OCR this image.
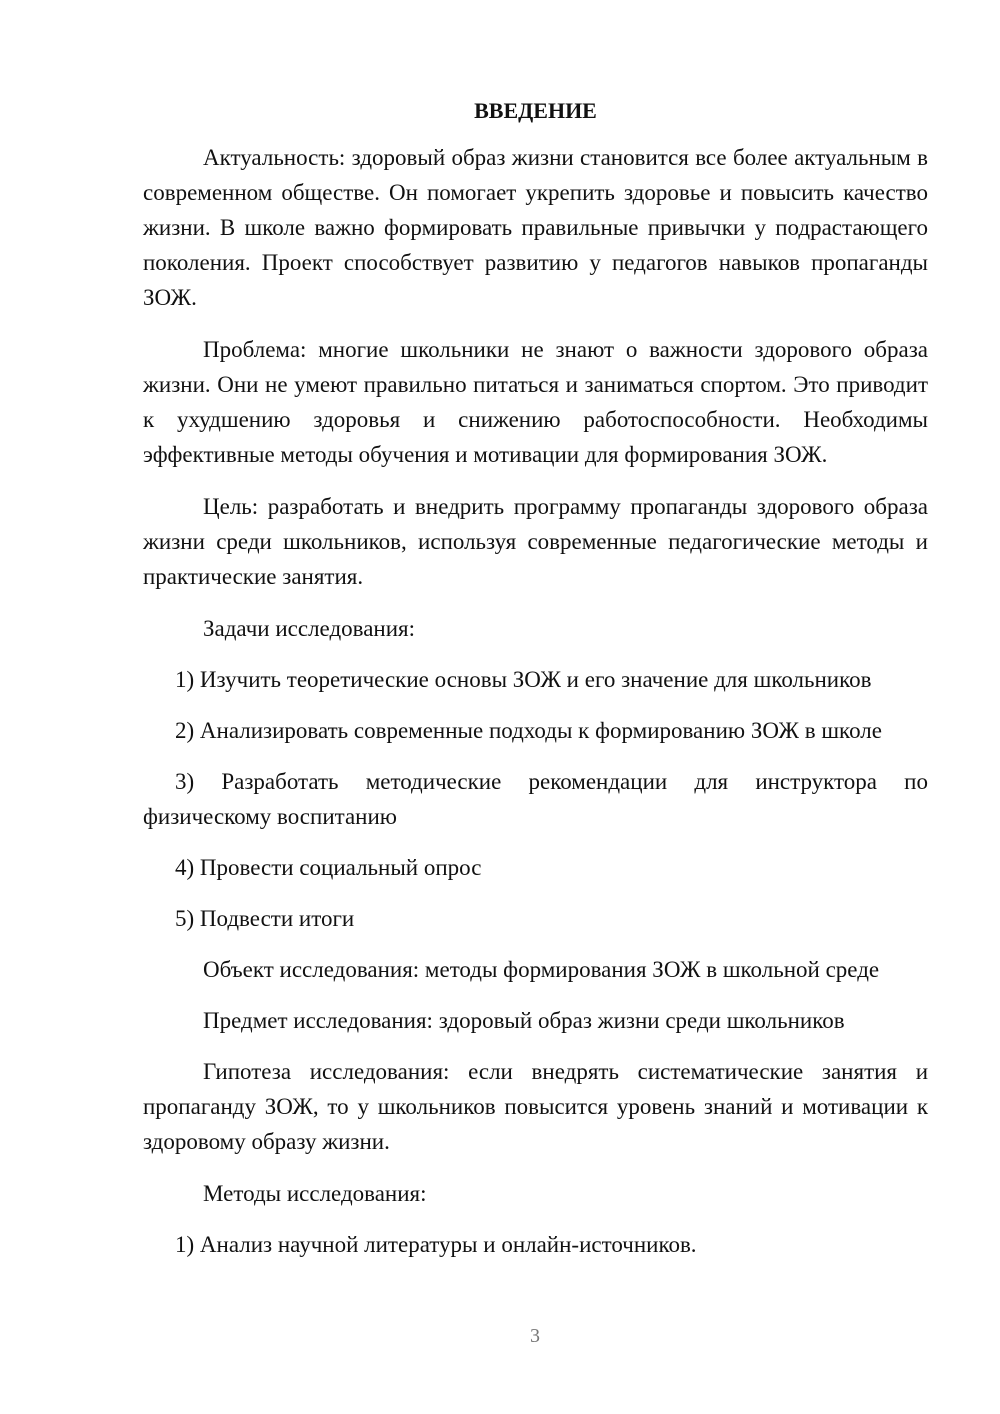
ВВЕДЕНИЕ

Актуальность: здоровый образ жизни становится все более актуальным в современном обществе. Он помогает укрепить здоровье и повысить качество жизни. В школе важно формировать правильные привычки у подрастающего поколения. Проект способствует развитию у педагогов навыков пропаганды ЗОЖ.

Проблема: многие школьники не знают о важности здорового образа жизни. Они не умеют правильно питаться и заниматься спортом. Это приводит к ухудшению здоровья и снижению работоспособности. Необходимы эффективные методы обучения и мотивации для формирования ЗОЖ.

Цель: разработать и внедрить программу пропаганды здорового образа жизни среди школьников, используя современные педагогические методы и практические занятия.

Задачи исследования:

1) Изучить теоретические основы ЗОЖ и его значение для школьников

2) Анализировать современные подходы к формированию ЗОЖ в школе

3) Разработать методические рекомендации для инструктора по физическому воспитанию

4) Провести социальный опрос

5) Подвести итоги

Объект исследования: методы формирования ЗОЖ в школьной среде

Предмет исследования: здоровый образ жизни среди школьников

Гипотеза исследования: если внедрять систематические занятия и пропаганду ЗОЖ, то у школьников повысится уровень знаний и мотивации к здоровому образу жизни.

Методы исследования:

1) Анализ научной литературы и онлайн-источников.

3
